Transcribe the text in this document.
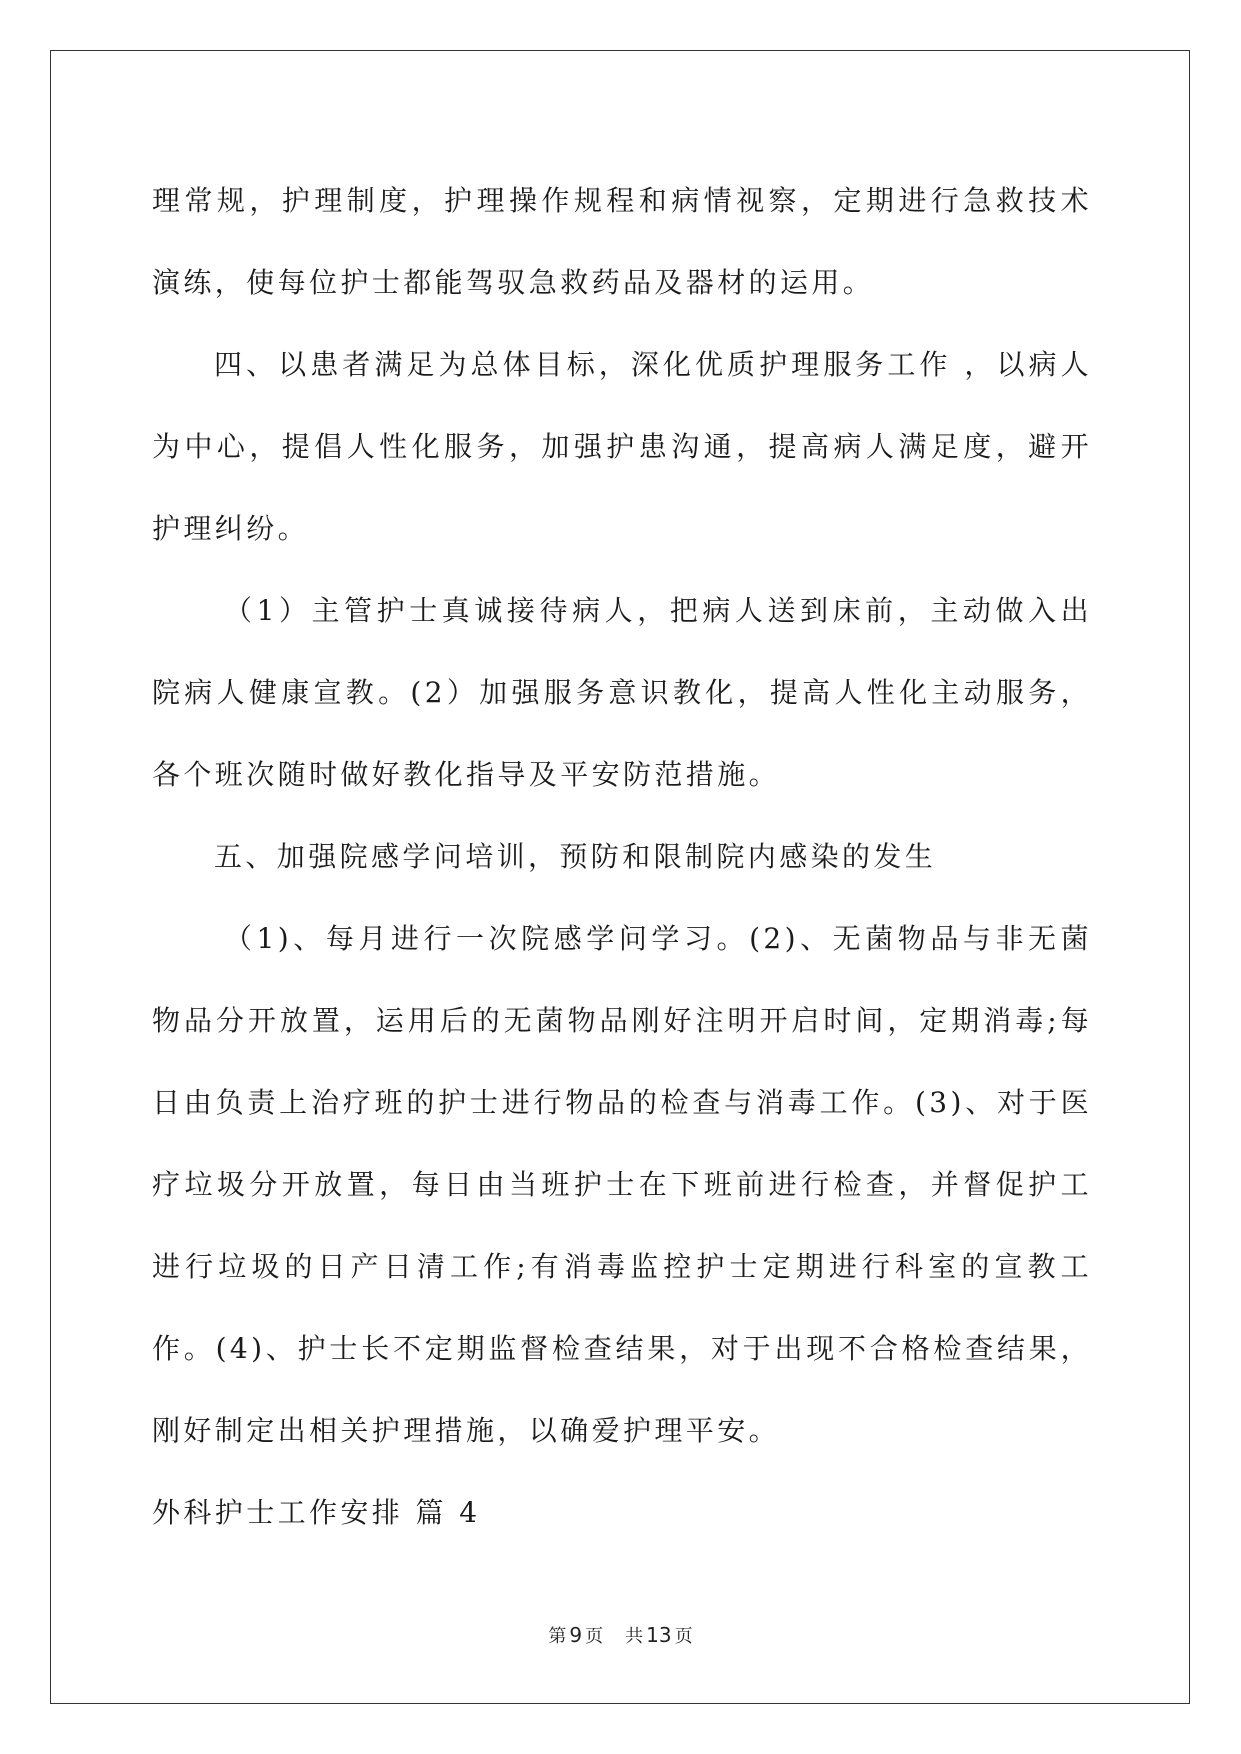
理常规，护理制度，护理操作规程和病情视察，定期进行急救技术演练，使每位护士都能驾驭急救药品及器材的运用。

四、以患者满足为总体目标，深化优质护理服务工作 ，以病人为中心，提倡人性化服务，加强护患沟通，提高病人满足度，避开护理纠纷。

（1）主管护士真诚接待病人，把病人送到床前，主动做入出院病人健康宣教。(2）加强服务意识教化，提高人性化主动服务，各个班次随时做好教化指导及平安防范措施。

五、加强院感学问培训，预防和限制院内感染的发生

（1)、每月进行一次院感学问学习。(2)、无菌物品与非无菌物品分开放置，运用后的无菌物品刚好注明开启时间，定期消毒;每日由负责上治疗班的护士进行物品的检查与消毒工作。(3)、对于医疗垃圾分开放置，每日由当班护士在下班前进行检查，并督促护工进行垃圾的日产日清工作;有消毒监控护士定期进行科室的宣教工作。(4)、护士长不定期监督检查结果，对于出现不合格检查结果，刚好制定出相关护理措施，以确爱护理平安。

外科护士工作安排 篇 4

第 9 页 共 13 页
